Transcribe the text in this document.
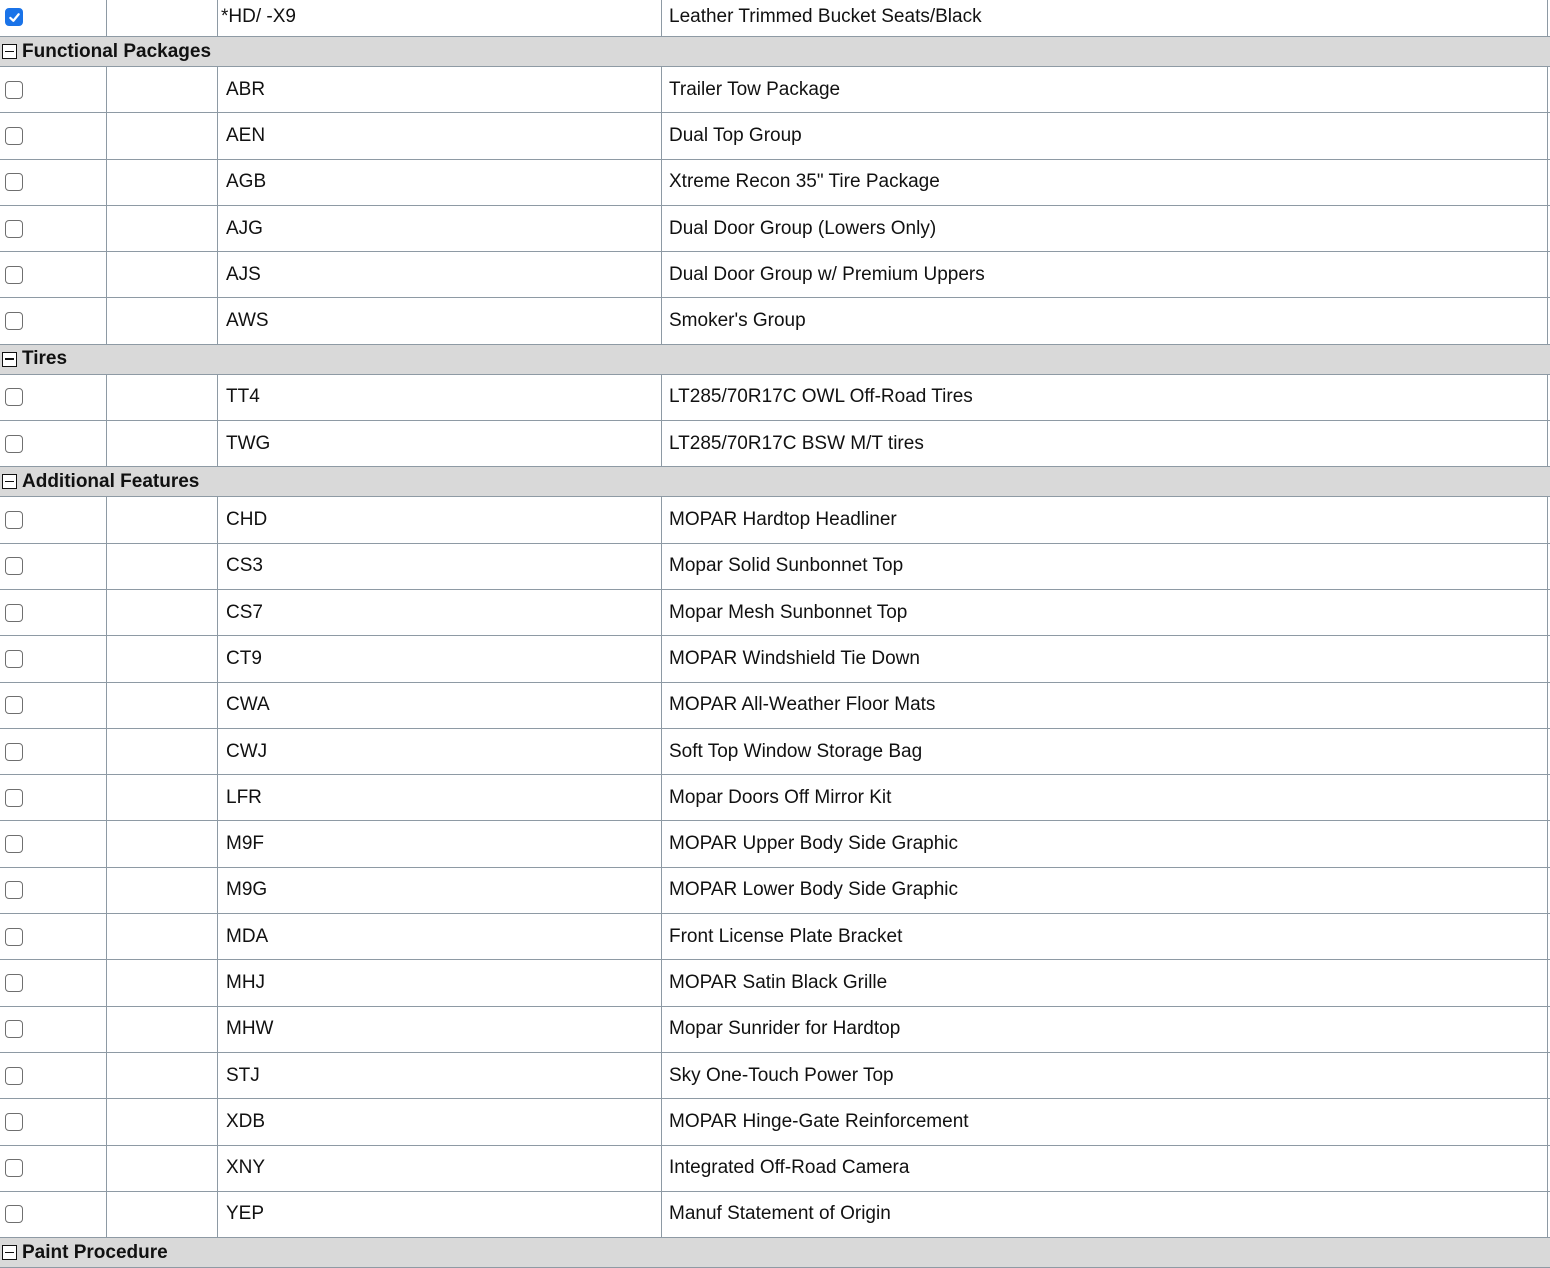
*HD/ -X9	Leather Trimmed Bucket Seats/Black
Functional Packages
ABR	Trailer Tow Package
AEN	Dual Top Group
AGB	Xtreme Recon 35" Tire Package
AJG	Dual Door Group (Lowers Only)
AJS	Dual Door Group w/ Premium Uppers
AWS	Smoker's Group
Tires
TT4	LT285/70R17C OWL Off-Road Tires
TWG	LT285/70R17C BSW M/T tires
Additional Features
CHD	MOPAR Hardtop Headliner
CS3	Mopar Solid Sunbonnet Top
CS7	Mopar Mesh Sunbonnet Top
CT9	MOPAR Windshield Tie Down
CWA	MOPAR All-Weather Floor Mats
CWJ	Soft Top Window Storage Bag
LFR	Mopar Doors Off Mirror Kit
M9F	MOPAR Upper Body Side Graphic
M9G	MOPAR Lower Body Side Graphic
MDA	Front License Plate Bracket
MHJ	MOPAR Satin Black Grille
MHW	Mopar Sunrider for Hardtop
STJ	Sky One-Touch Power Top
XDB	MOPAR Hinge-Gate Reinforcement
XNY	Integrated Off-Road Camera
YEP	Manuf Statement of Origin
Paint Procedure
